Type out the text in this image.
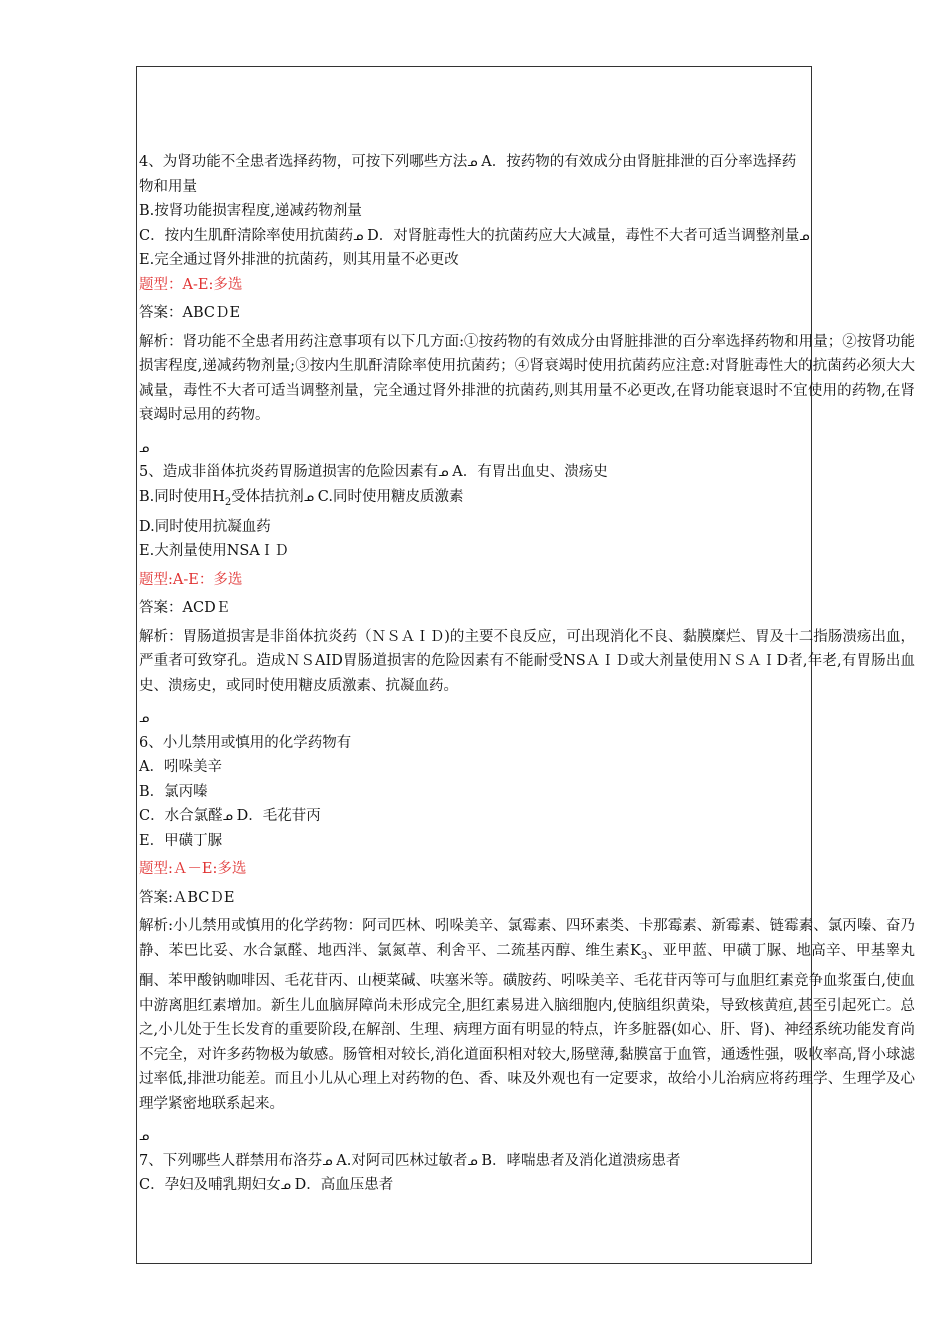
4、为肾功能不全患者选择药物，可按下列哪些方法ᓄ A．按药物的有效成分由肾脏排泄的百分率选择药
物和用量
B.按肾功能损害程度,递减药物剂量
C．按内生肌酐清除率使用抗菌药ᓄ D．对肾脏毒性大的抗菌药应大大减量，毒性不大者可适当调整剂量ᓄ
E.完全通过肾外排泄的抗菌药，则其用量不必更改
题型：A-E:多选
答案：ABCＤE
解析：肾功能不全患者用药注意事项有以下几方面:①按药物的有效成分由肾脏排泄的百分率选择药物和用量；②按肾功能损害程度,递减药物剂量;③按内生肌酐清除率使用抗菌药；④肾衰竭时使用抗菌药应注意:对肾脏毒性大的抗菌药必须大大减量，毒性不大者可适当调整剂量，完全通过肾外排泄的抗菌药,则其用量不必更改,在肾功能衰退时不宜使用的药物,在肾衰竭时忌用的药物。
ᓄ
5、造成非甾体抗炎药胃肠道损害的危险因素有ᓄ A．有胃出血史、溃疡史
B.同时使用$H_2$受体拮抗剂ᓄ C.同时使用糖皮质激素
D.同时使用抗凝血药
E.大剂量使用NSAＩＤ
题型:A-E：多选
答案：ACDＥ
解析：胃肠道损害是非甾体抗炎药（ＮＳＡＩＤ)的主要不良反应，可出现消化不良、黏膜糜烂、胃及十二指肠溃疡出血，严重者可致穿孔。造成ＮＳAID胃肠道损害的危险因素有不能耐受NSＡＩＤ或大剂量使用ＮＳＡＩD者,年老,有胃肠出血史、溃疡史，或同时使用糖皮质激素、抗凝血药。
ᓄ
6、小儿禁用或慎用的化学药物有
A．吲哚美辛
B．氯丙嗪
C．水合氯醛ᓄ D．毛花苷丙
E．甲磺丁脲
题型:Ａ－E:多选
答案:ＡBCＤE
解析:小儿禁用或慎用的化学药物：阿司匹林、吲哚美辛、氯霉素、四环素类、卡那霉素、新霉素、链霉素、氯丙嗪、奋乃静、苯巴比妥、水合氯醛、地西泮、氯氮䓬、利舍平、二巯基丙醇、维生素$K_3$、亚甲蓝、甲磺丁脲、地高辛、甲基睾丸酮、苯甲酸钠咖啡因、毛花苷丙、山梗菜碱、呋塞米等。磺胺药、吲哚美辛、毛花苷丙等可与血胆红素竞争血浆蛋白,使血中游离胆红素增加。新生儿血脑屏障尚未形成完全,胆红素易进入脑细胞内,使脑组织黄染，导致核黄疸,甚至引起死亡。总之,小儿处于生长发育的重要阶段,在解剖、生理、病理方面有明显的特点，许多脏器(如心、肝、肾)、神经系统功能发育尚不完全，对许多药物极为敏感。肠管相对较长,消化道面积相对较大,肠壁薄,黏膜富于血管，通透性强，吸收率高,肾小球滤过率低,排泄功能差。而且小儿从心理上对药物的色、香、味及外观也有一定要求，故给小儿治病应将药理学、生理学及心理学紧密地联系起来。
ᓄ
7、下列哪些人群禁用布洛芬ᓄ A.对阿司匹林过敏者ᓄ B．哮喘患者及消化道溃疡患者
C．孕妇及哺乳期妇女ᓄ D．高血压患者
